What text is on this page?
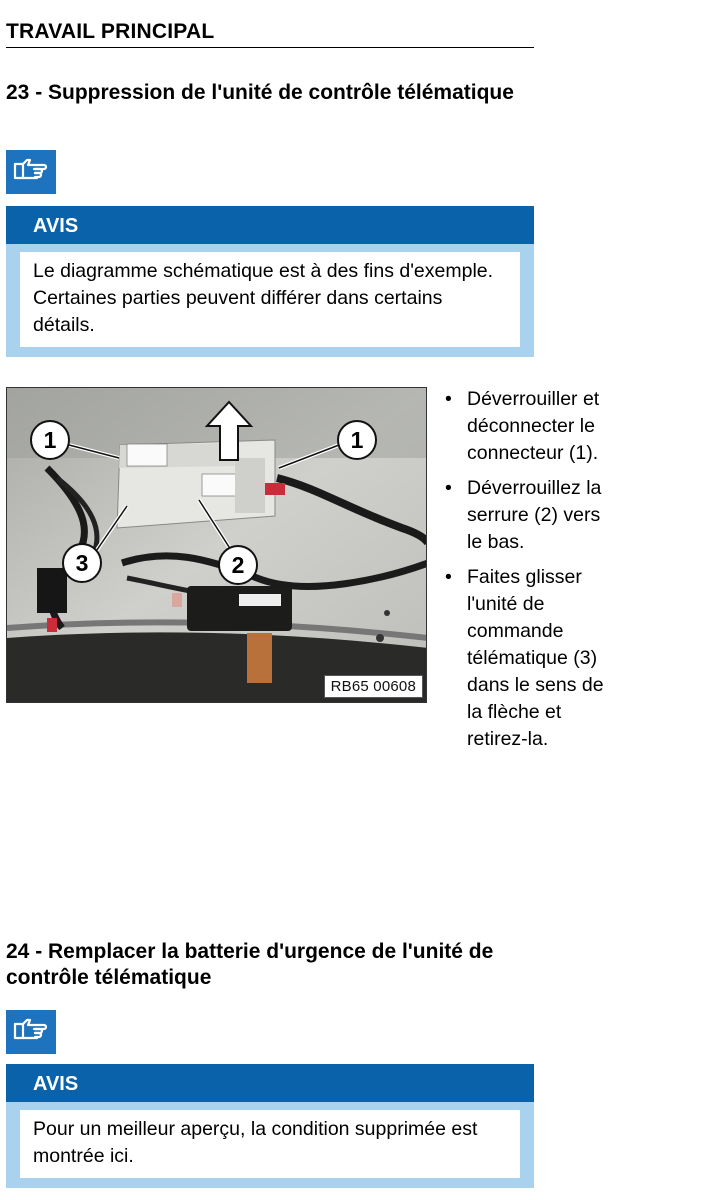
TRAVAIL PRINCIPAL
23 - Suppression de l'unité de contrôle télématique
AVIS
Le diagramme schématique est à des fins d'exemple. Certaines parties peuvent différer dans certains détails.
1	1
2
3
RB65 00608
• Déverrouiller et déconnecter le connecteur (1).
• Déverrouillez la serrure (2) vers le bas.
• Faites glisser l'unité de commande télématique (3) dans le sens de la flèche et retirez-la.
24 - Remplacer la batterie d'urgence de l'unité de contrôle télématique
AVIS
Pour un meilleur aperçu, la condition supprimée est montrée ici.
